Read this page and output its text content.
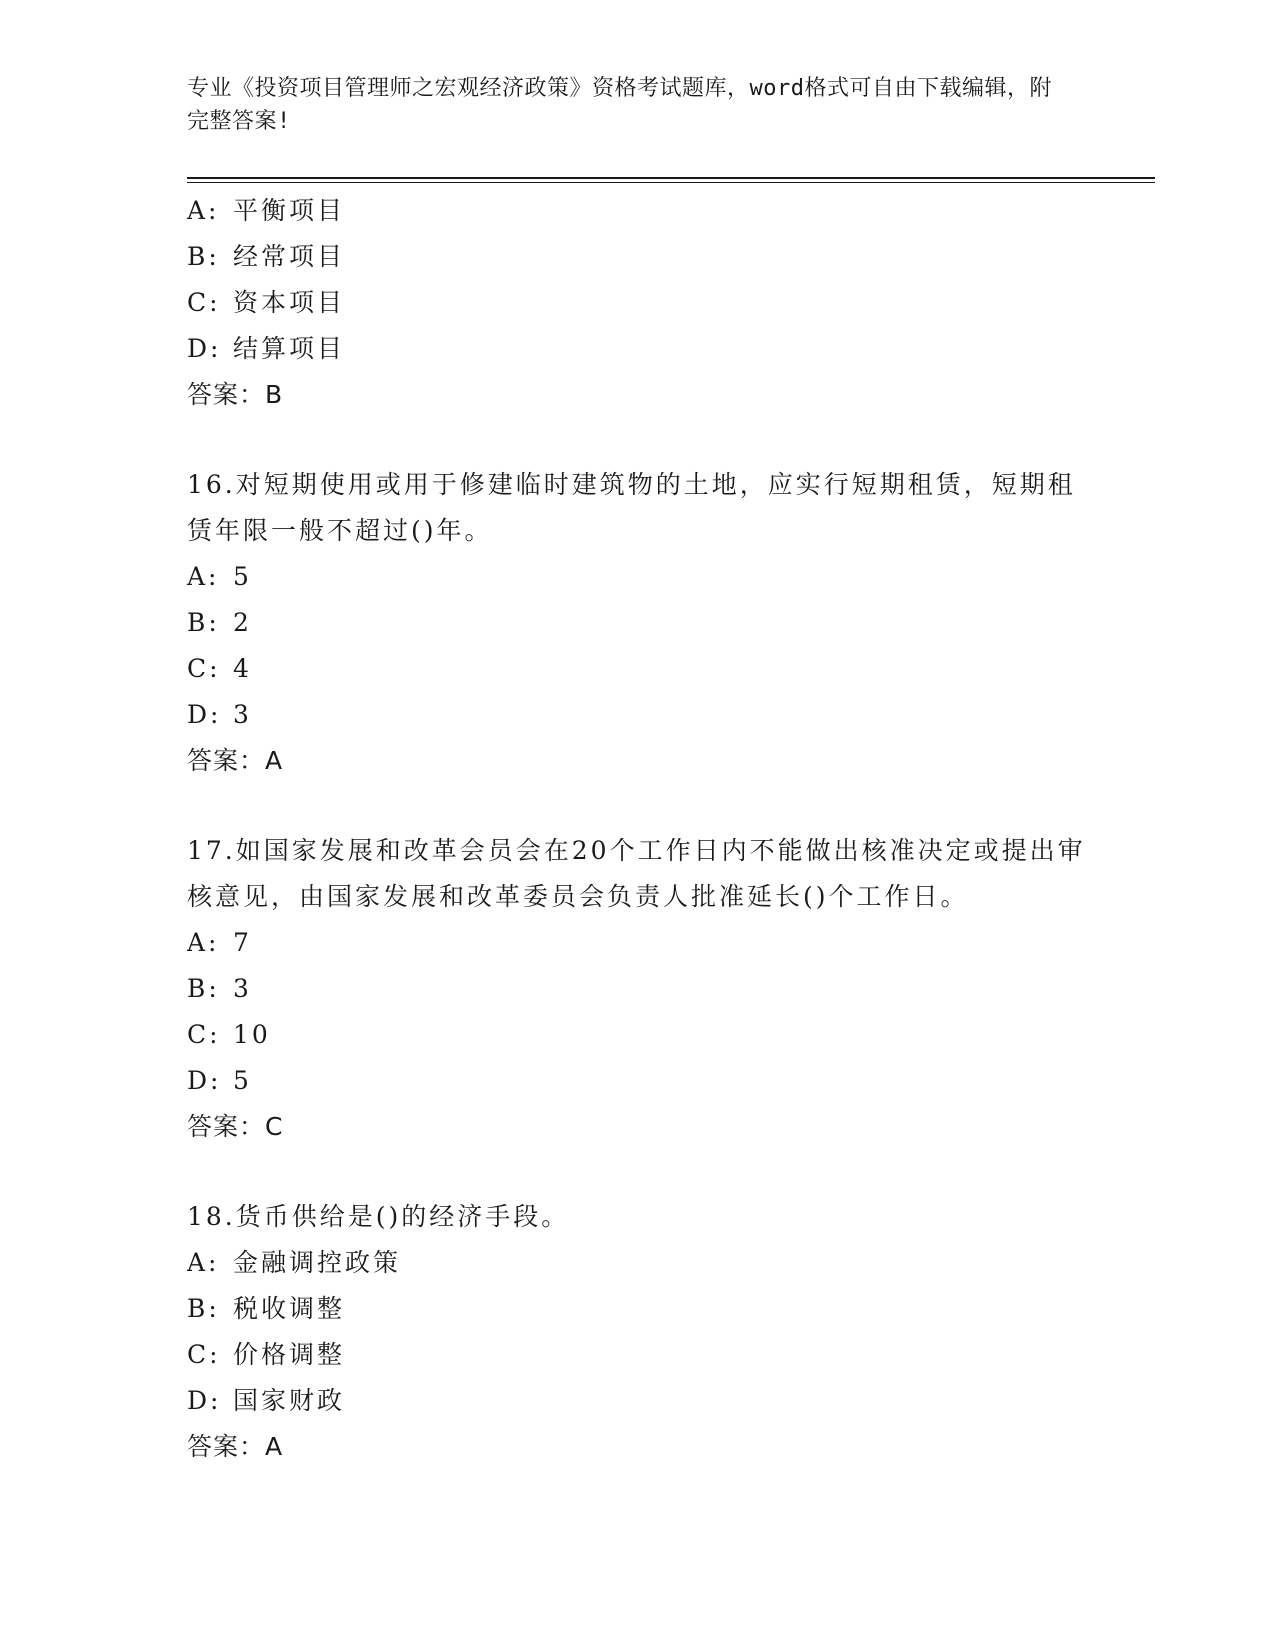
专业《投资项目管理师之宏观经济政策》资格考试题库，word格式可自由下载编辑，附完整答案!
A: 平衡项目
B: 经常项目
C: 资本项目
D: 结算项目
答案：B
16.对短期使用或用于修建临时建筑物的土地，应实行短期租赁，短期租赁年限一般不超过()年。
A: 5
B: 2
C: 4
D: 3
答案：A
17.如国家发展和改革会员会在20个工作日内不能做出核准决定或提出审核意见，由国家发展和改革委员会负责人批准延长()个工作日。
A: 7
B: 3
C: 10
D: 5
答案：C
18.货币供给是()的经济手段。
A: 金融调控政策
B: 税收调整
C: 价格调整
D: 国家财政
答案：A
